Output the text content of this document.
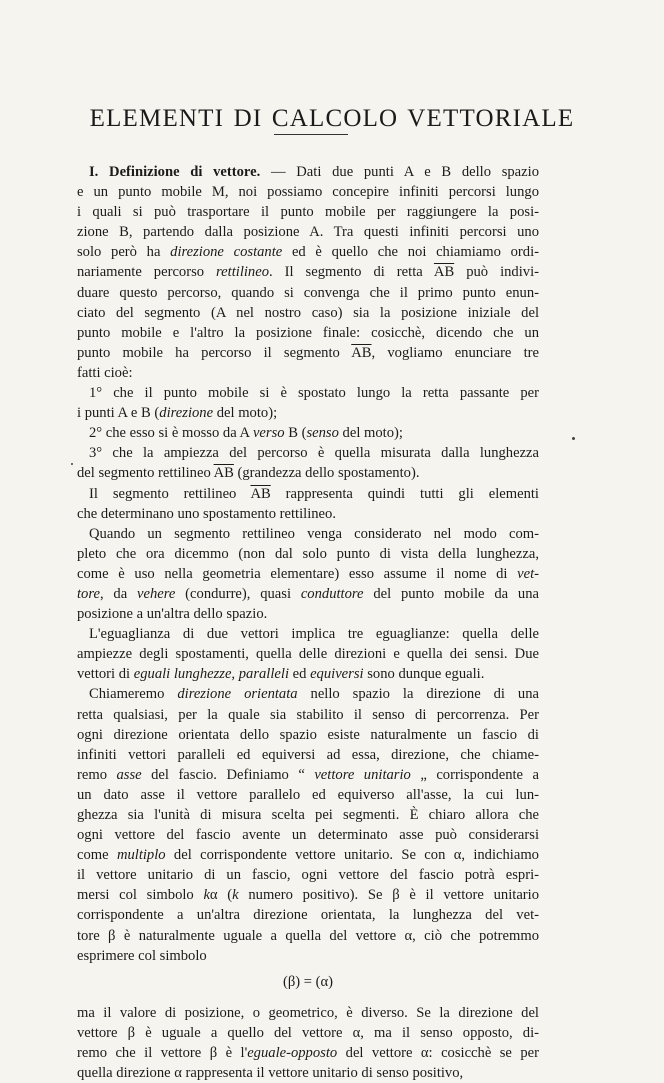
ELEMENTI DI CALCOLO VETTORIALE
I. Definizione di vettore. — Dati due punti A e B dello spazio
e un punto mobile M, noi possiamo concepire infiniti percorsi lungo
i quali si può trasportare il punto mobile per raggiungere la posi-
zione B, partendo dalla posizione A. Tra questi infiniti percorsi uno
solo però ha direzione costante ed è quello che noi chiamiamo ordi-
nariamente percorso rettilineo. Il segmento di retta $\overline{AB}$ può indivi-
duare questo percorso, quando si convenga che il primo punto enun-
ciato del segmento (A nel nostro caso) sia la posizione iniziale del
punto mobile e l'altro la posizione finale: cosicchè, dicendo che un
punto mobile ha percorso il segmento $\overline{AB}$, vogliamo enunciare tre
fatti cioè:
1° che il punto mobile si è spostato lungo la retta passante per
i punti A e B (direzione del moto);
2° che esso si è mosso da A verso B (senso del moto);
3° che la ampiezza del percorso è quella misurata dalla lunghezza
del segmento rettilineo $\overline{AB}$ (grandezza dello spostamento).
Il segmento rettilineo $\overline{AB}$ rappresenta quindi tutti gli elementi
che determinano uno spostamento rettilineo.
Quando un segmento rettilineo venga considerato nel modo com-
pleto che ora dicemmo (non dal solo punto di vista della lunghezza,
come è uso nella geometria elementare) esso assume il nome di vet-
tore, da vehere (condurre), quasi conduttore del punto mobile da una
posizione a un'altra dello spazio.
L'eguaglianza di due vettori implica tre eguaglianze: quella delle
ampiezze degli spostamenti, quella delle direzioni e quella dei sensi. Due
vettori di eguali lunghezze, paralleli ed equiversi sono dunque eguali.
Chiameremo direzione orientata nello spazio la direzione di una
retta qualsiasi, per la quale sia stabilito il senso di percorrenza. Per
ogni direzione orientata dello spazio esiste naturalmente un fascio di
infiniti vettori paralleli ed equiversi ad essa, direzione, che chiame-
remo asse del fascio. Definiamo “ vettore unitario „ corrispondente a
un dato asse il vettore parallelo ed equiverso all'asse, la cui lun-
ghezza sia l'unità di misura scelta pei segmenti. È chiaro allora che
ogni vettore del fascio avente un determinato asse può considerarsi
come multiplo del corrispondente vettore unitario. Se con α, indichiamo
il vettore unitario di un fascio, ogni vettore del fascio potrà espri-
mersi col simbolo kα (k numero positivo). Se β è il vettore unitario
corrispondente a un'altra direzione orientata, la lunghezza del vet-
tore β è naturalmente uguale a quella del vettore α, ciò che potremmo
esprimere col simbolo
(β) = (α)
ma il valore di posizione, o geometrico, è diverso. Se la direzione del
vettore β è uguale a quello del vettore α, ma il senso opposto, di-
remo che il vettore β è l'eguale-opposto del vettore α: cosicchè se per
quella direzione α rappresenta il vettore unitario di senso positivo,
